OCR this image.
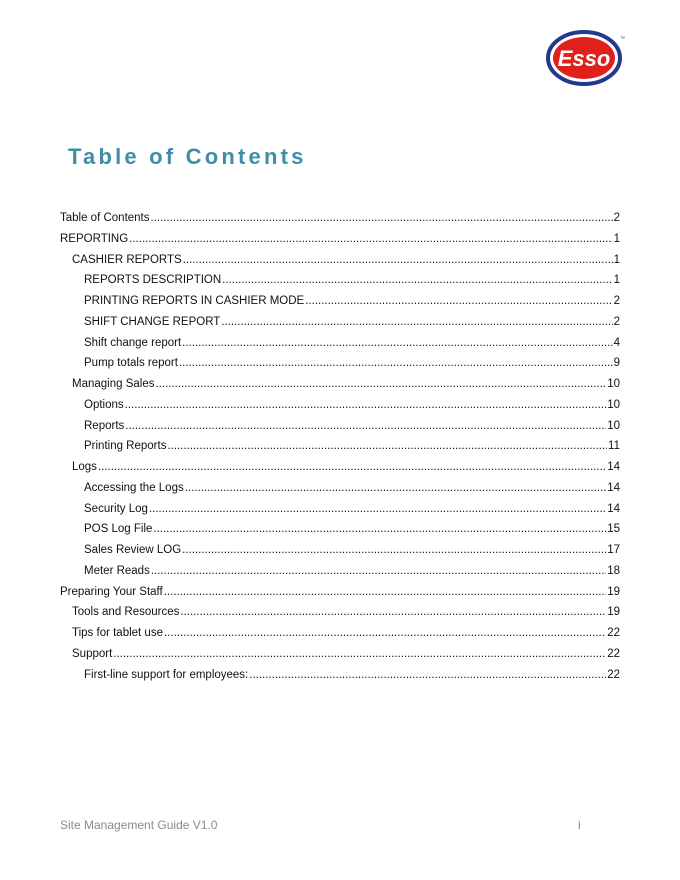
Esso
™
Table of Contents
Table of Contents .....	2
REPORTING .....	1
CASHIER REPORTS .....	1
REPORTS DESCRIPTION .....	1
PRINTING REPORTS IN CASHIER MODE .....	2
SHIFT CHANGE REPORT .....	2
Shift change report .....	4
Pump totals report .....	9
Managing Sales .....	10
Options .....	10
Reports .....	10
Printing Reports .....	11
Logs .....	14
Accessing the Logs .....	14
Security Log .....	14
POS Log File .....	15
Sales Review LOG .....	17
Meter Reads .....	18
Preparing Your Staff .....	19
Tools and Resources .....	19
Tips for tablet use .....	22
Support .....	22
First-line support for employees: .....	22
Site Management Guide V1.0	i
